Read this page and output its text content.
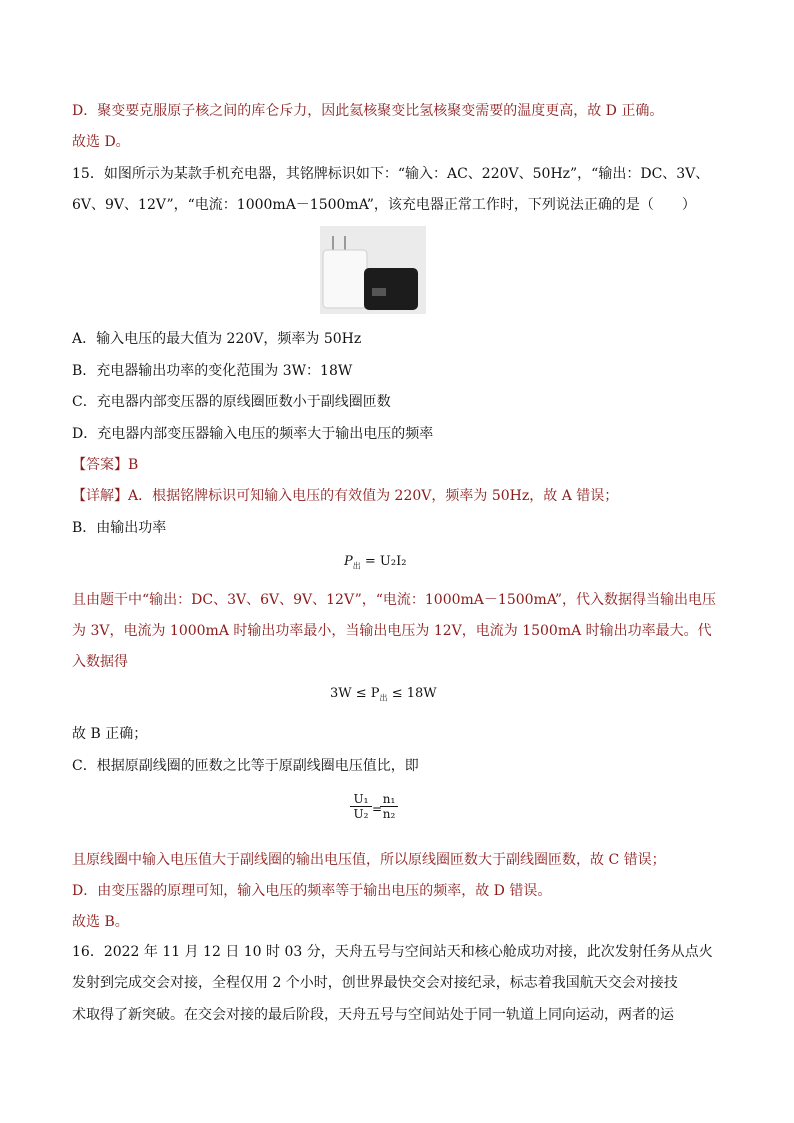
D．聚变要克服原子核之间的库仑斥力，因此氦核聚变比氢核聚变需要的温度更高，故 D 正确。
故选 D。
15．如图所示为某款手机充电器，其铭牌标识如下：“输入：AC、220V、50Hz”，“输出：DC、3V、
6V、9V、12V”，“电流：1000mA－1500mA”，该充电器正常工作时，下列说法正确的是（　　）
A．输入电压的最大值为 220V，频率为 50Hz
B．充电器输出功率的变化范围为 3W：18W
C．充电器内部变压器的原线圈匝数小于副线圈匝数
D．充电器内部变压器输入电压的频率大于输出电压的频率
【答案】B
【详解】A．根据铭牌标识可知输入电压的有效值为 220V，频率为 50Hz，故 A 错误；
B．由输出功率
$P_出 = U_2I_2$
且由题干中“输出：DC、3V、6V、9V、12V”，“电流：1000mA－1500mA”，代入数据得当输出电压
为 3V，电流为 1000mA 时输出功率最小，当输出电压为 12V，电流为 1500mA 时输出功率最大。代
入数据得
$3W \le P_出 \le 18W$
故 B 正确；
C．根据原副线圈的匝数之比等于原副线圈电压值比，即
$\frac{\text{U₁}}{\text{U₂}}$ =
$\frac{\text{n₁}}{\text{n₂}}$
且原线圈中输入电压值大于副线圈的输出电压值，所以原线圈匝数大于副线圈匝数，故 C 错误；
D．由变压器的原理可知，输入电压的频率等于输出电压的频率，故 D 错误。
故选 B。
16．2022 年 11 月 12 日 10 时 03 分，天舟五号与空间站天和核心舱成功对接，此次发射任务从点火
发射到完成交会对接，全程仅用 2 个小时，创世界最快交会对接纪录，标志着我国航天交会对接技
术取得了新突破。在交会对接的最后阶段，天舟五号与空间站处于同一轨道上同向运动，两者的运
